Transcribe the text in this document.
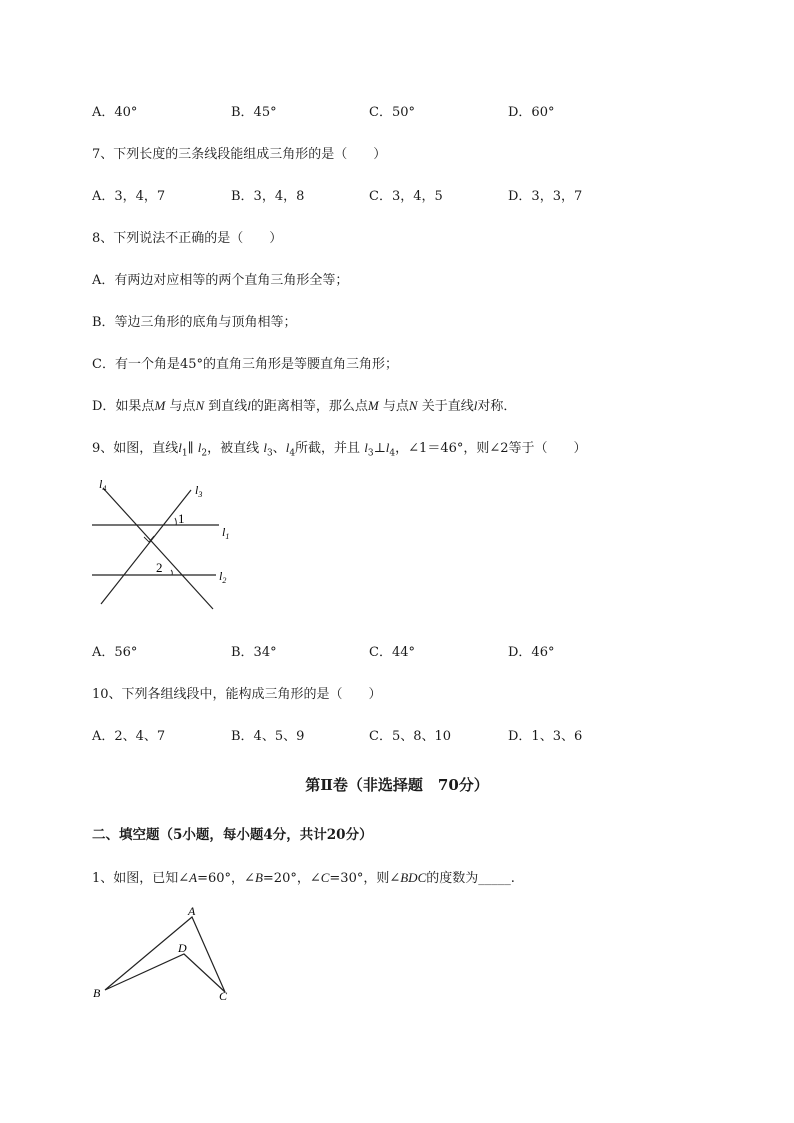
A．40°	B．45°	C．50°	D．60°
7、下列长度的三条线段能组成三角形的是（　　）
A．3，4，7	B．3，4，8	C．3，4，5	D．3，3，7
8、下列说法不正确的是（　　）
A．有两边对应相等的两个直角三角形全等；
B．等边三角形的底角与顶角相等；
C．有一个角是45°的直角三角形是等腰直角三角形；
D．如果点M 与点N 到直线l的距离相等，那么点M 与点N 关于直线l对称．
9、如图，直线$l_1\parallel$ $l_2$，被直线 $l_3$、$l_4$所截，并且 $l_3\perp l_4$，∠1＝46°，则∠2等于（　　）
$l_4$	$l_3$
$l_1$
$l_2$
1
2
A．56°	B．34°	C．44°	D．46°
10、下列各组线段中，能构成三角形的是（　　）
A．2、4、7	B．4、5、9	C．5、8、10	D．1、3、6
第Ⅱ卷（非选择题　70分）
二、填空题（5小题，每小题4分，共计20分）
1、如图，已知∠A=60°，∠B=20°，∠C=30°，则∠BDC的度数为_____.
A
B	C
D
